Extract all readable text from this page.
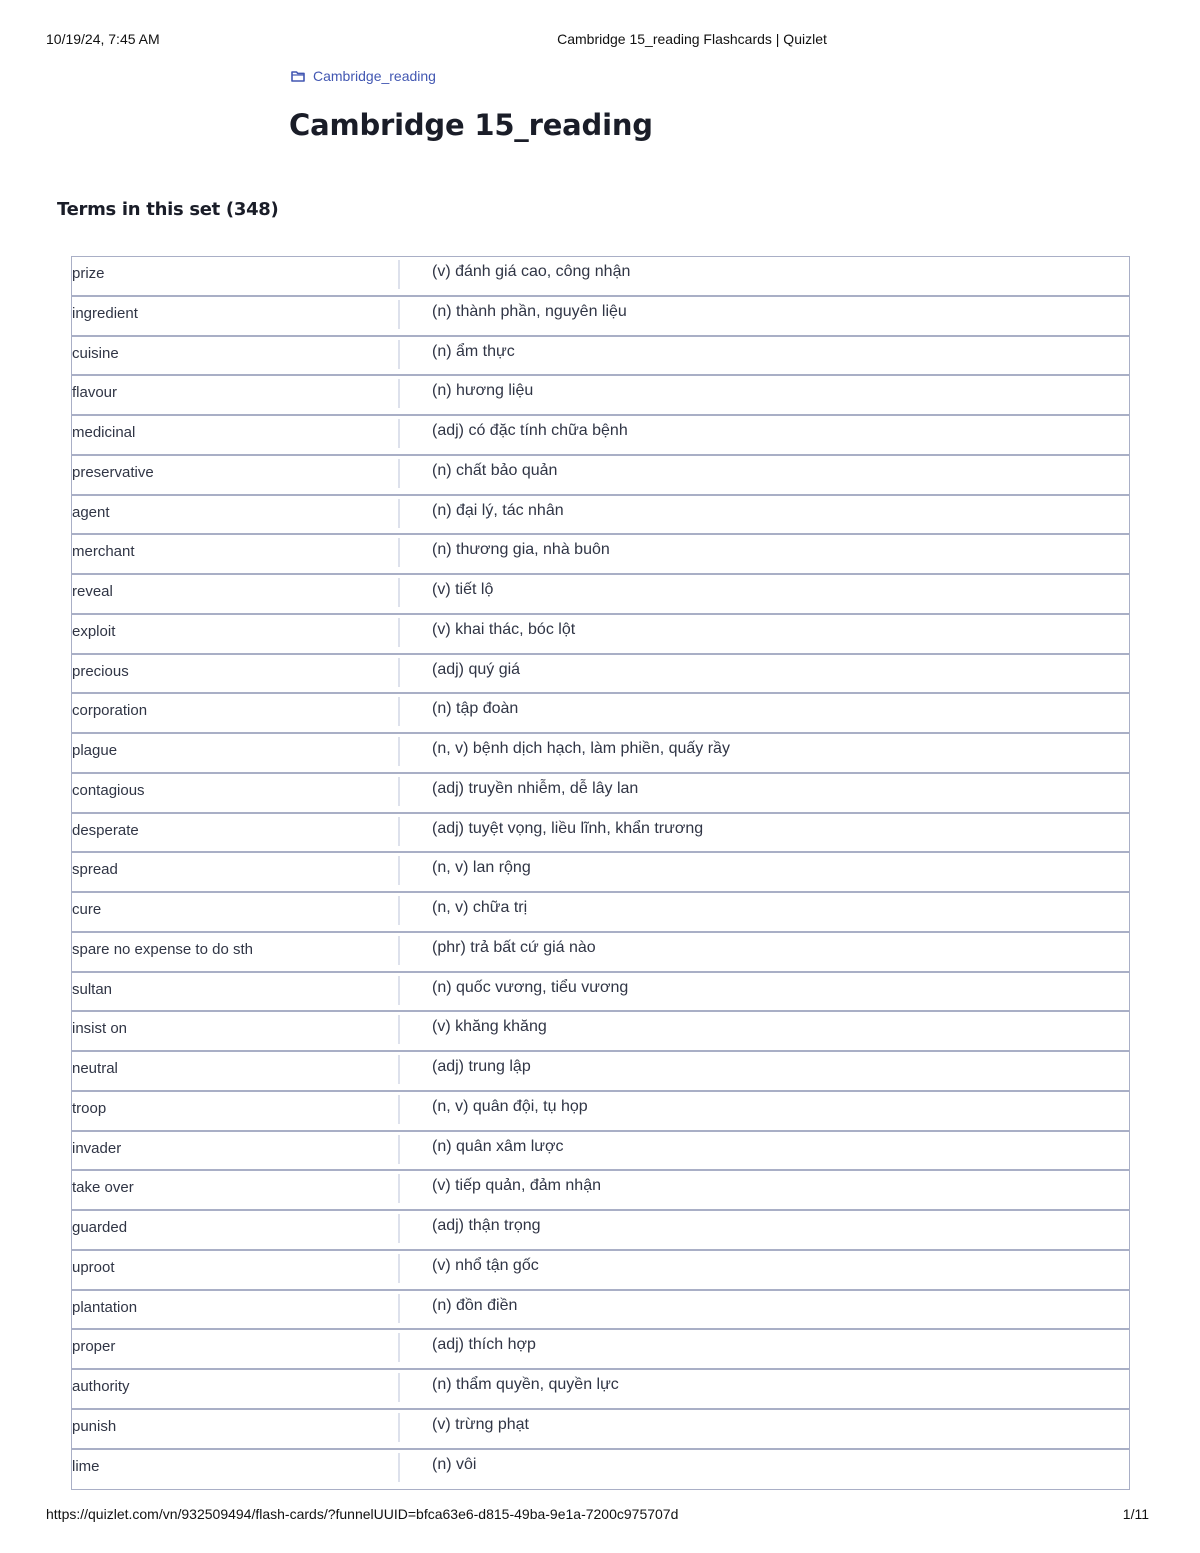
10/19/24, 7:45 AM	Cambridge 15_reading Flashcards | Quizlet
Cambridge_reading
Cambridge 15_reading
Terms in this set (348)
prize	(v) đánh giá cao, công nhận
ingredient	(n) thành phần, nguyên liệu
cuisine	(n) ẩm thực
flavour	(n) hương liệu
medicinal	(adj) có đặc tính chữa bệnh
preservative	(n) chất bảo quản
agent	(n) đại lý, tác nhân
merchant	(n) thương gia, nhà buôn
reveal	(v) tiết lộ
exploit	(v) khai thác, bóc lột
precious	(adj) quý giá
corporation	(n) tập đoàn
plague	(n, v) bệnh dịch hạch, làm phiền, quấy rầy
contagious	(adj) truyền nhiễm, dễ lây lan
desperate	(adj) tuyệt vọng, liều lĩnh, khẩn trương
spread	(n, v) lan rộng
cure	(n, v) chữa trị
spare no expense to do sth	(phr) trả bất cứ giá nào
sultan	(n) quốc vương, tiểu vương
insist on	(v) khăng khăng
neutral	(adj) trung lập
troop	(n, v) quân đội, tụ họp
invader	(n) quân xâm lược
take over	(v) tiếp quản, đảm nhận
guarded	(adj) thận trọng
uproot	(v) nhổ tận gốc
plantation	(n) đồn điền
proper	(adj) thích hợp
authority	(n) thẩm quyền, quyền lực
punish	(v) trừng phạt
lime	(n) vôi
https://quizlet.com/vn/932509494/flash-cards/?funnelUUID=bfca63e6-d815-49ba-9e1a-7200c975707d	1/11
